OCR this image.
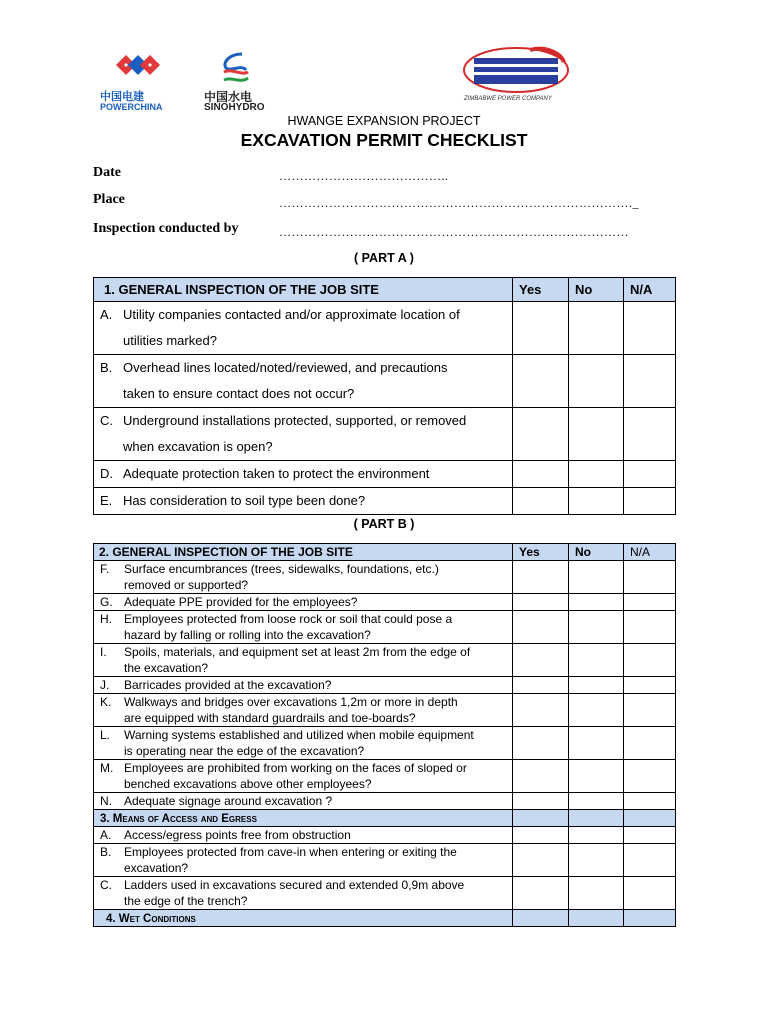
中国电建
POWERCHINA
中国水电
SINOHYDRO
ZIMBABWE POWER COMPANY
HWANGE EXPANSION PROJECT
EXCAVATION PERMIT CHECKLIST
Date	…………………………………..
Place	…………………………………………………………………………._
Inspection conducted by	…………………………………………………………………………
( PART A )
1. GENERAL INSPECTION OF THE JOB SITE	Yes	No	N/A

A. Utility companies contacted and/or approximate location of
utilities marked?			

B. Overhead lines located/noted/reviewed, and precautions
taken to ensure contact does not occur?			

C. Underground installations protected, supported, or removed
when excavation is open?			

D. Adequate protection taken to protect the environment			

E. Has consideration to soil type been done?			

( PART B )
2. GENERAL INSPECTION OF THE JOB SITE	Yes	No	N/A

F. Surface encumbrances (trees, sidewalks, foundations, etc.)
removed or supported?			

G. Adequate PPE provided for the employees?			

H. Employees protected from loose rock or soil that could pose a
hazard by falling or rolling into the excavation?			

I. Spoils, materials, and equipment set at least 2m from the edge of
the excavation?			

J. Barricades provided at the excavation?			

K. Walkways and bridges over excavations 1,2m or more in depth
are equipped with standard guardrails and toe-boards?			

L. Warning systems established and utilized when mobile equipment
is operating near the edge of the excavation?			

M. Employees are prohibited from working on the faces of sloped or
benched excavations above other employees?			

N. Adequate signage around excavation ?			

3. Means of Access and Egress			

A. Access/egress points free from obstruction			

B. Employees protected from cave-in when entering or exiting the
excavation?			

C. Ladders used in excavations secured and extended 0,9m above
the edge of the trench?			

4. Wet Conditions			
